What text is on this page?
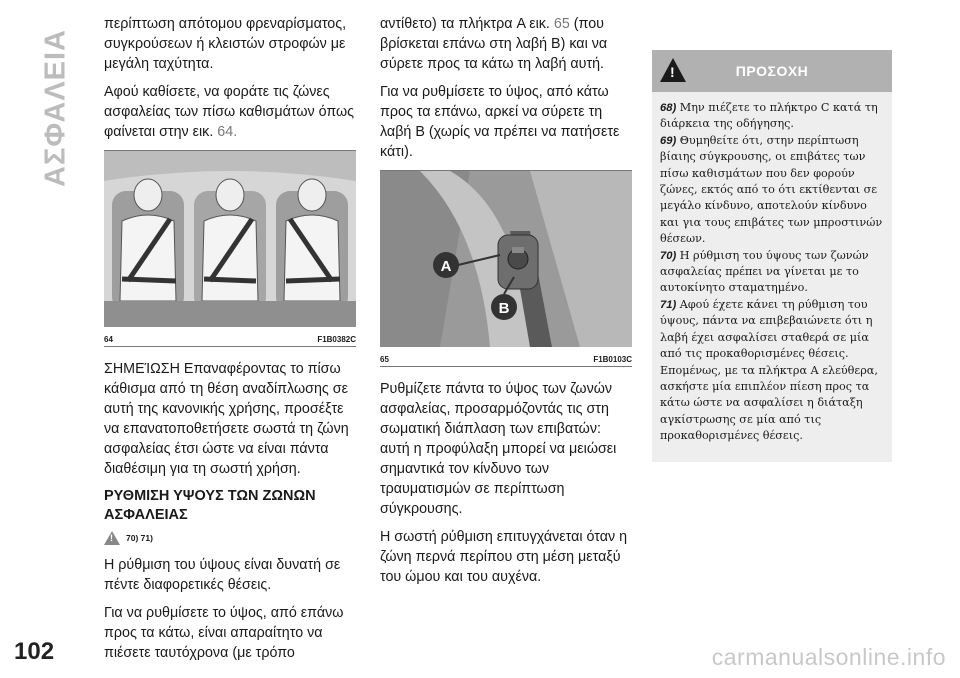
ΑΣΦΑΛΕΙΑ

περίπτωση απότομου φρεναρίσματος, συγκρούσεων ή κλειστών στροφών με μεγάλη ταχύτητα.

Αφού καθίσετε, να φοράτε τις ζώνες ασφαλείας των πίσω καθισμάτων όπως φαίνεται στην εικ. 64.

64	F1B0382C

ΣΗΜΕΊΩΣΗ Επαναφέροντας το πίσω κάθισμα από τη θέση αναδίπλωσης σε αυτή της κανονικής χρήσης, προσέξτε να επανατοποθετήσετε σωστά τη ζώνη ασφαλείας έτσι ώστε να είναι πάντα διαθέσιμη για τη σωστή χρήση.

ΡΥΘΜΙΣΗ ΥΨΟΥΣ ΤΩΝ ΖΩΝΩΝ ΑΣΦΑΛΕΙΑΣ
!
70) 71)

Η ρύθμιση του ύψους είναι δυνατή σε πέντε διαφορετικές θέσεις.

Για να ρυθμίσετε το ύψος, από επάνω προς τα κάτω, είναι απαραίτητο να πιέσετε ταυτόχρονα (με τρόπο

αντίθετο) τα πλήκτρα A εικ. 65 (που βρίσκεται επάνω στη λαβή B) και να σύρετε προς τα κάτω τη λαβή αυτή.

Για να ρυθμίσετε το ύψος, από κάτω προς τα επάνω, αρκεί να σύρετε τη λαβή B (χωρίς να πρέπει να πατήσετε κάτι).

A
B
65	F1B0103C

Ρυθμίζετε πάντα το ύψος των ζωνών ασφαλείας, προσαρμόζοντάς τις στη σωματική διάπλαση των επιβατών: αυτή η προφύλαξη μπορεί να μειώσει σημαντικά τον κίνδυνο των τραυματισμών σε περίπτωση σύγκρουσης.

Η σωστή ρύθμιση επιτυγχάνεται όταν η ζώνη περνά περίπου στη μέση μεταξύ του ώμου και του αυχένα.

!
ΠΡΟΣΟΧΗ

68) Μην πιέζετε το πλήκτρο C κατά τη διάρκεια της οδήγησης.

69) Θυμηθείτε ότι, στην περίπτωση βίαιης σύγκρουσης, οι επιβάτες των πίσω καθισμάτων που δεν φορούν ζώνες, εκτός από το ότι εκτίθενται σε μεγάλο κίνδυνο, αποτελούν κίνδυνο και για τους επιβάτες των μπροστινών θέσεων.

70) Η ρύθμιση του ύψους των ζωνών ασφαλείας πρέπει να γίνεται με το αυτοκίνητο σταματημένο.

71) Αφού έχετε κάνει τη ρύθμιση του ύψους, πάντα να επιβεβαιώνετε ότι η λαβή έχει ασφαλίσει σταθερά σε μία από τις προκαθορισμένες θέσεις. Επομένως, με τα πλήκτρα A ελεύθερα, ασκήστε μία επιπλέον πίεση προς τα κάτω ώστε να ασφαλίσει η διάταξη αγκίστρωσης σε μία από τις προκαθορισμένες θέσεις.

102	carmanualsonline.info
